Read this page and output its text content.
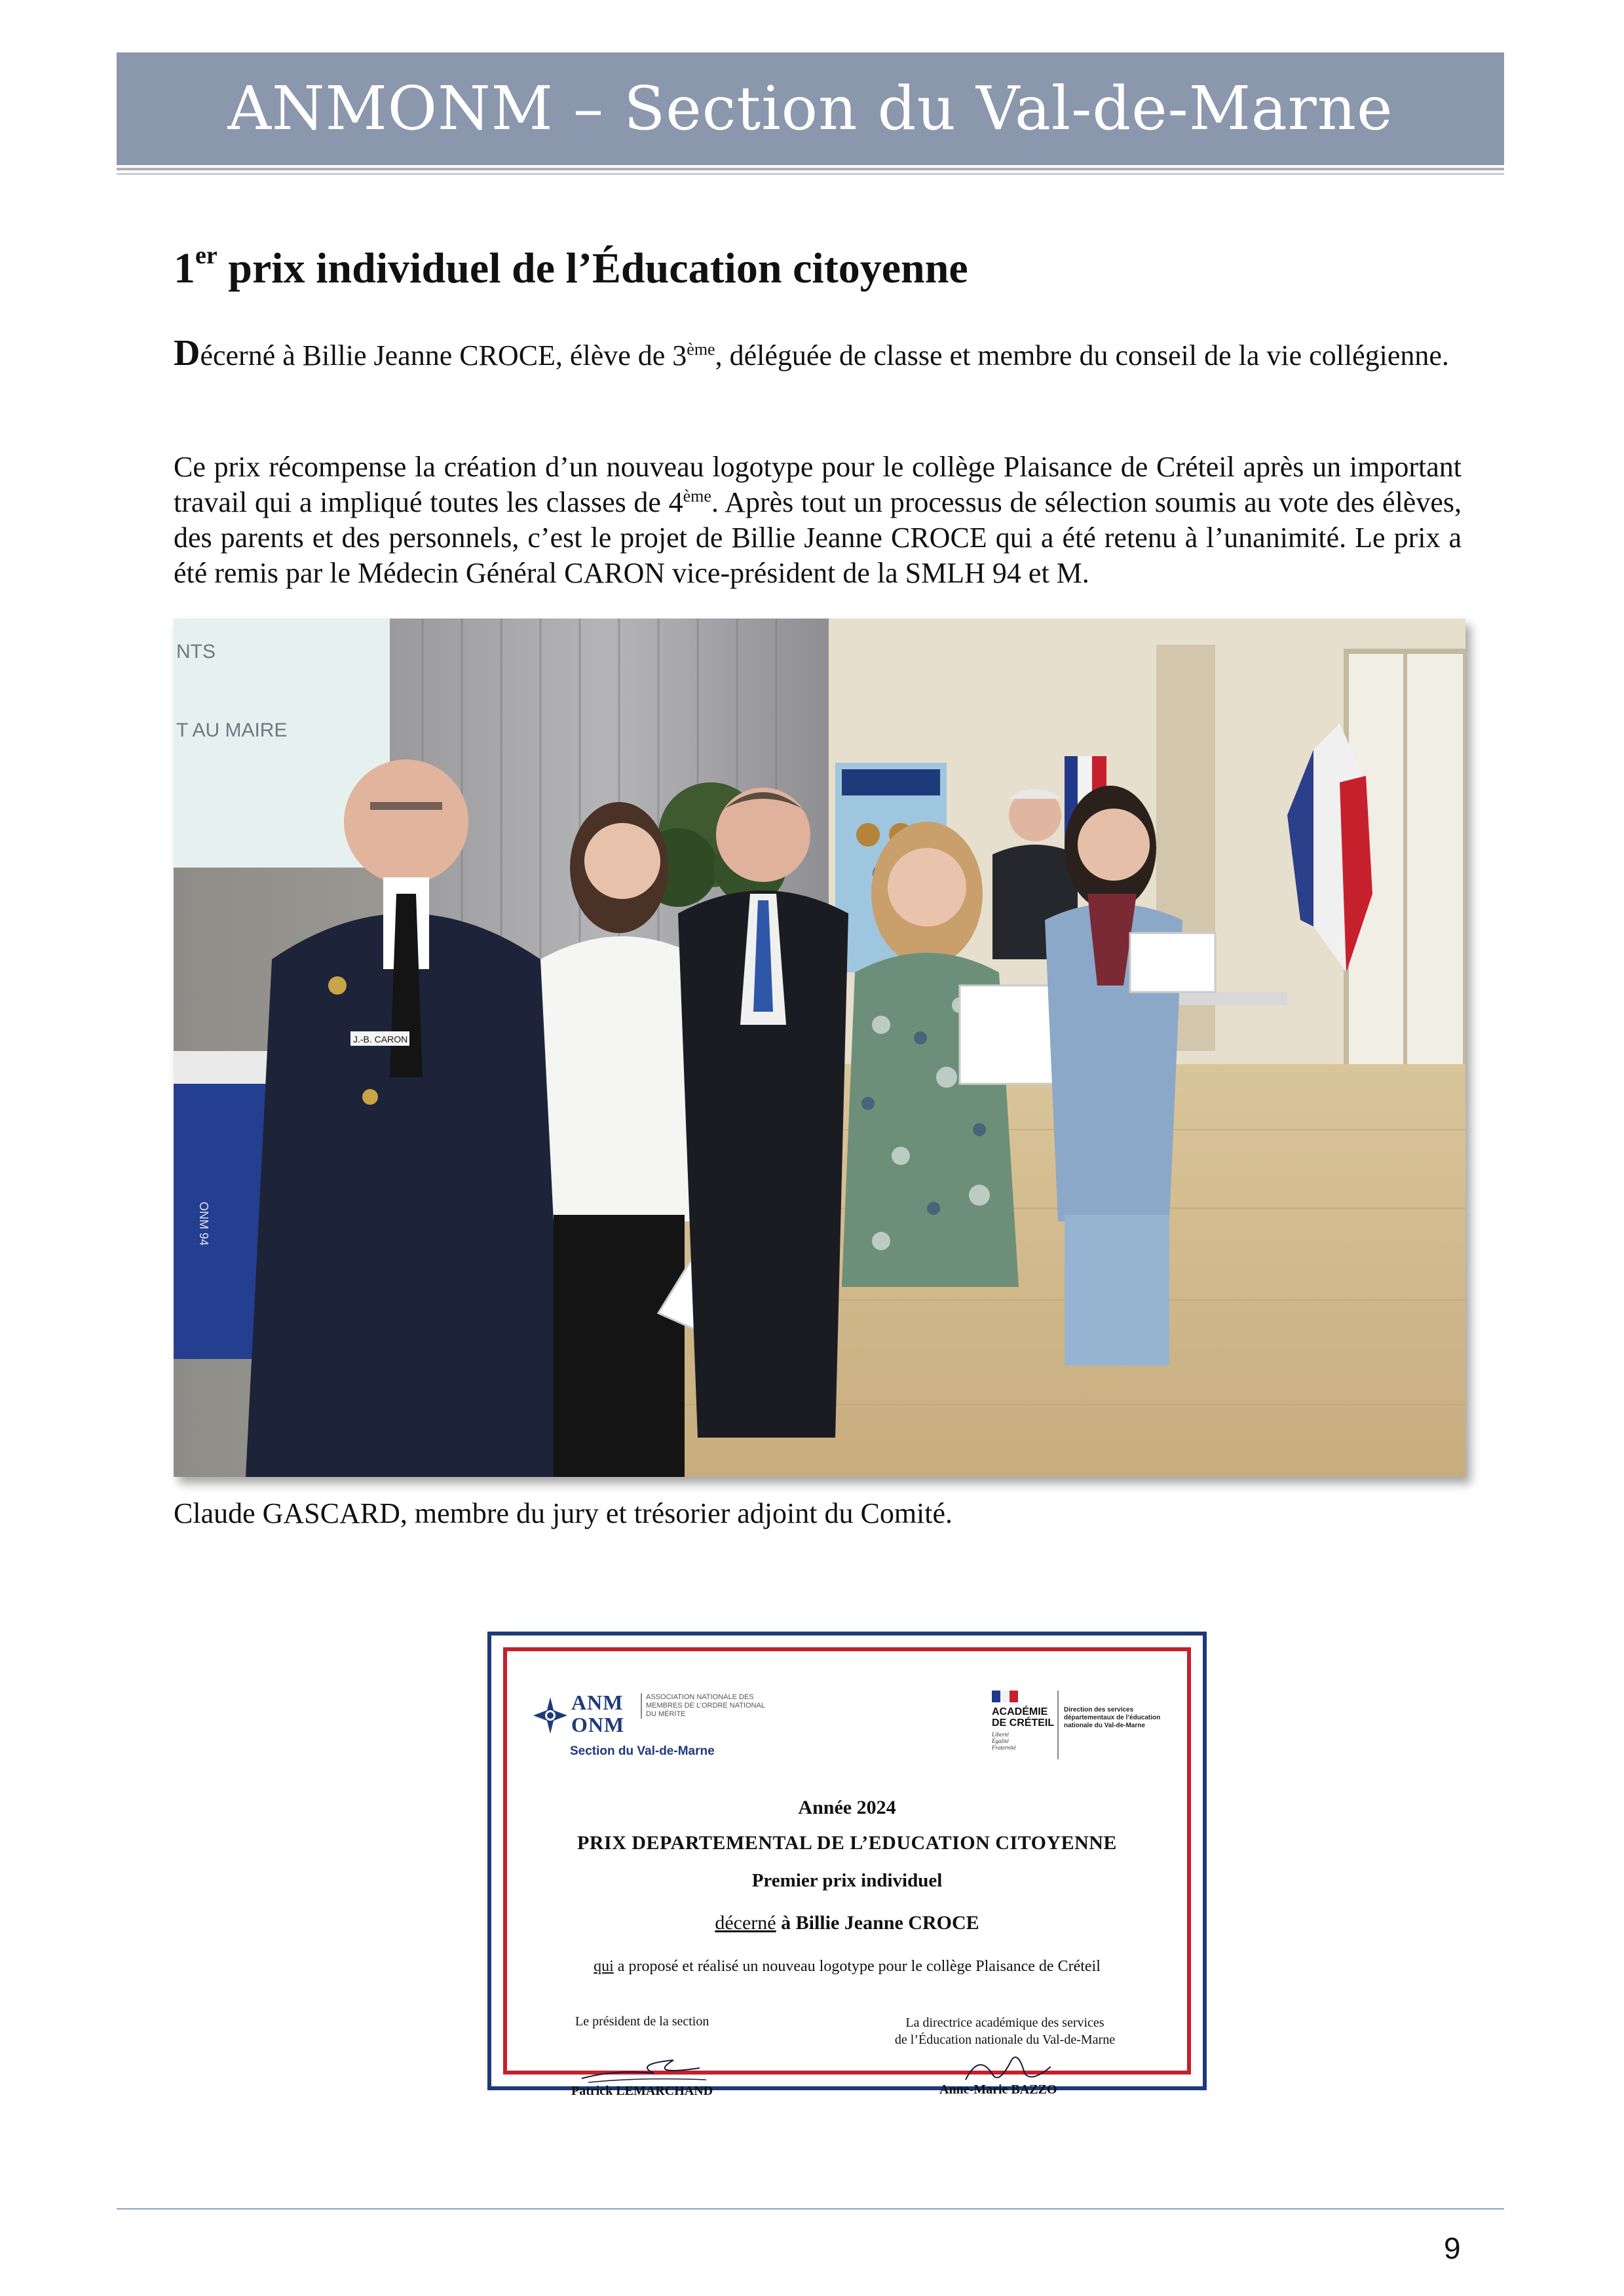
ANMONM – Section du Val-de-Marne
1er prix individuel de l’Éducation citoyenne
Décerné à Billie Jeanne CROCE, élève de 3ème, déléguée de classe et membre du conseil de la vie collégienne.
Ce prix récompense la création d’un nouveau logotype pour le collège Plaisance de Créteil après un important travail qui a impliqué toutes les classes de 4ème. Après tout un processus de sélection soumis au vote des élèves, des parents et des personnels, c’est le projet de Billie Jeanne CROCE qui a été retenu à l’unanimité. Le prix a été remis par le Médecin Général CARON vice-président de la SMLH 94 et M.
NTS
T AU MAIRE
J.-B. CARON
ONM 94
Claude GASCARD, membre du jury et trésorier adjoint du Comité.
ANM
ONM
ASSOCIATION NATIONALE DES MEMBRES DE L’ORDRE NATIONAL DU MÉRITE
Section du Val-de-Marne
ACADÉMIE
DE CRÉTEIL
Liberté Égalité Fraternité
Direction des services départementaux de l’éducation nationale du Val-de-Marne
Année 2024
PRIX DEPARTEMENTAL DE L’EDUCATION CITOYENNE
Premier prix individuel
décerné à Billie Jeanne CROCE
qui a proposé et réalisé un nouveau logotype pour le collège Plaisance de Créteil
Le président de la section
Patrick LEMARCHAND
La directrice académique des services
de l’Éducation nationale du Val-de-Marne
Anne-Marie BAZZO
9
